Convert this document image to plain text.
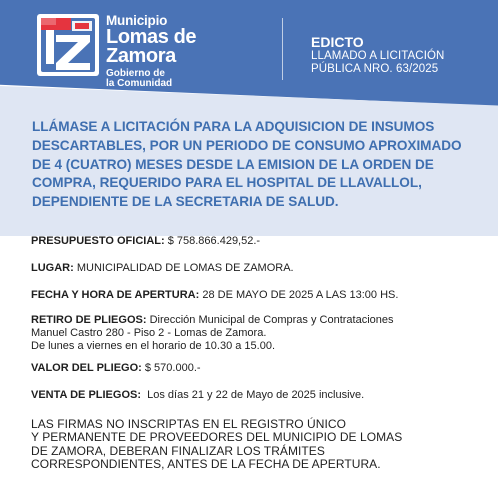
Municipio
Lomas de
Zamora
Gobierno de
la Comunidad
EDICTO
LLAMADO A LICITACIÓN
PÚBLICA NRO. 63/2025
LLÁMASE A LICITACIÓN PARA LA ADQUISICION DE INSUMOS DESCARTABLES, POR UN PERIODO DE CONSUMO APROXIMADO DE 4 (CUATRO) MESES DESDE LA EMISION DE LA ORDEN DE COMPRA, REQUERIDO PARA EL HOSPITAL DE LLAVALLOL, DEPENDIENTE DE LA SECRETARIA DE SALUD.

PRESUPUESTO OFICIAL: $ 758.866.429,52.-

LUGAR: MUNICIPALIDAD DE LOMAS DE ZAMORA.

FECHA Y HORA DE APERTURA: 28 DE MAYO DE 2025 A LAS 13:00 HS.

RETIRO DE PLIEGOS: Dirección Municipal de Compras y Contrataciones
Manuel Castro 280 - Piso 2 - Lomas de Zamora.
De lunes a viernes en el horario de 10.30 a 15.00.

VALOR DEL PLIEGO: $ 570.000.-

VENTA DE PLIEGOS:  Los días 21 y 22 de Mayo de 2025 inclusive.

LAS FIRMAS NO INSCRIPTAS EN EL REGISTRO ÚNICO
Y PERMANENTE DE PROVEEDORES DEL MUNICIPIO DE LOMAS
DE ZAMORA, DEBERAN FINALIZAR LOS TRÁMITES
CORRESPONDIENTES, ANTES DE LA FECHA DE APERTURA.
